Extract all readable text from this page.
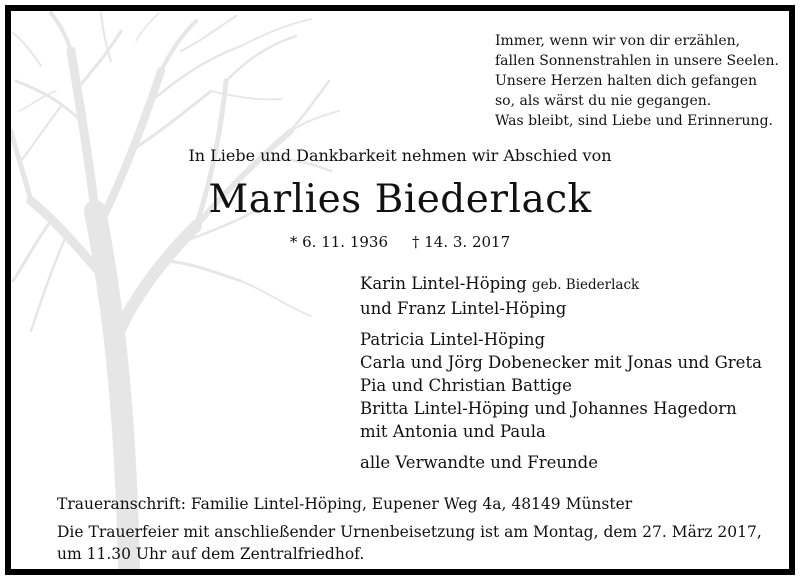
Immer, wenn wir von dir erzählen,
fallen Sonnenstrahlen in unsere Seelen.
Unsere Herzen halten dich gefangen
so, als wärst du nie gegangen.
Was bleibt, sind Liebe und Erinnerung.
In Liebe und Dankbarkeit nehmen wir Abschied von
Marlies Biederlack
* 6. 11. 1936 † 14. 3. 2017
Karin Lintel-Höping geb. Biederlack
und Franz Lintel-Höping
Patricia Lintel-Höping
Carla und Jörg Dobenecker mit Jonas und Greta
Pia und Christian Battige
Britta Lintel-Höping und Johannes Hagedorn
mit Antonia und Paula
alle Verwandte und Freunde
Traueranschrift: Familie Lintel-Höping, Eupener Weg 4a, 48149 Münster
Die Trauerfeier mit anschließender Urnenbeisetzung ist am Montag, dem 27. März 2017, um 11.30 Uhr auf dem Zentralfriedhof.
